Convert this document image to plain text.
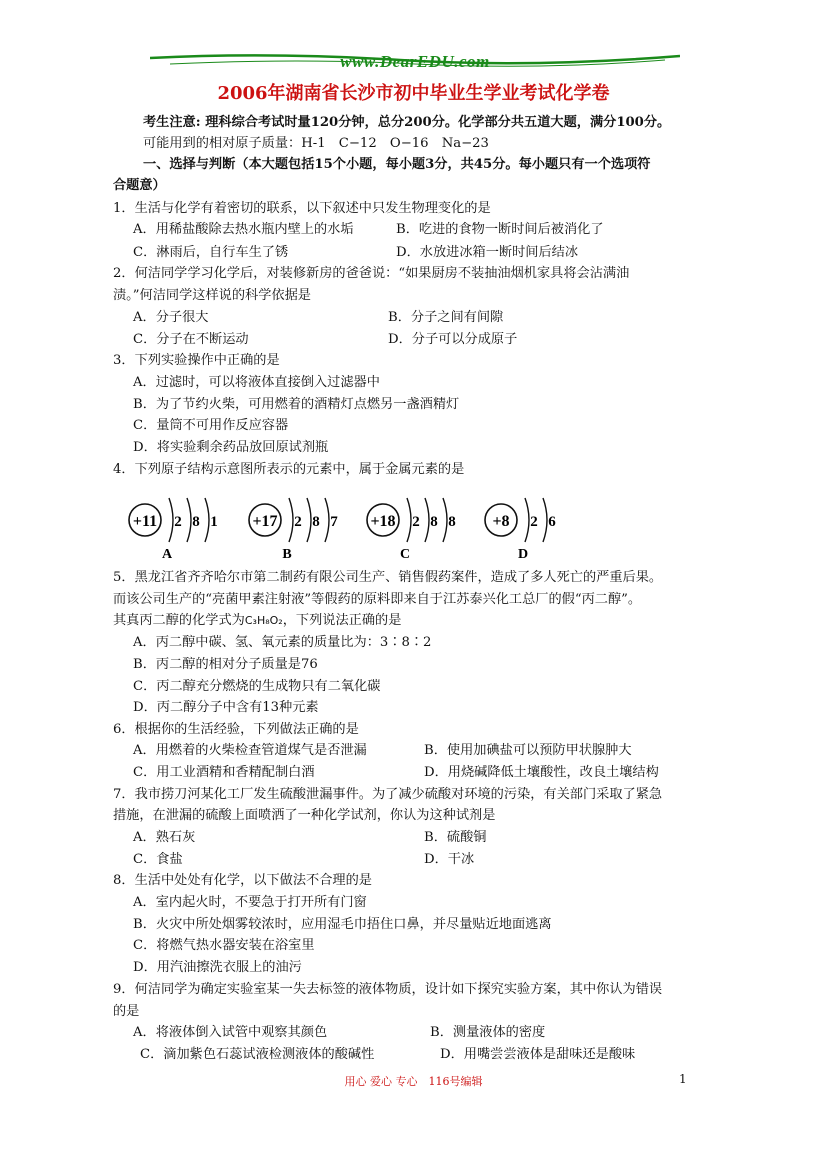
www.DearEDU.com
2006年湖南省长沙市初中毕业生学业考试化学卷
考生注意: 理科综合考试时量120分钟，总分200分。化学部分共五道大题，满分100分。
可能用到的相对原子质量：H-1　C−12　O−16　Na−23
一、选择与判断（本大题包括15个小题，每小题3分，共45分。每小题只有一个选项符
合题意）
1．生活与化学有着密切的联系，以下叙述中只发生物理变化的是
A．用稀盐酸除去热水瓶内壁上的水垢	B．吃进的食物一断时间后被消化了
C．淋雨后，自行车生了锈	D．水放进冰箱一断时间后结冰
2．何洁同学学习化学后，对装修新房的爸爸说：“如果厨房不装抽油烟机家具将会沾满油
渍。”何洁同学这样说的科学依据是
A．分子很大	B．分子之间有间隙
C．分子在不断运动	D．分子可以分成原子
3．下列实验操作中正确的是
A．过滤时，可以将液体直接倒入过滤器中
B．为了节约火柴，可用燃着的酒精灯点燃另一盏酒精灯
C．量筒不可用作反应容器
D．将实验剩余药品放回原试剂瓶
4．下列原子结构示意图所表示的元素中，属于金属元素的是
+11 2 8 1
A
+17 2 8 7
B
+18 2 8 8
C
+8 2 6
D
5．黑龙江省齐齐哈尔市第二制药有限公司生产、销售假药案件，造成了多人死亡的严重后果。
而该公司生产的“亮菌甲素注射液”等假药的原料即来自于江苏泰兴化工总厂的假“丙二醇”。
其真丙二醇的化学式为C₃H₈O₂，下列说法正确的是
A．丙二醇中碳、氢、氧元素的质量比为：3∶8∶2
B．丙二醇的相对分子质量是76
C．丙二醇充分燃烧的生成物只有二氧化碳
D．丙二醇分子中含有13种元素
6．根据你的生活经验，下列做法正确的是
A．用燃着的火柴检查管道煤气是否泄漏	B．使用加碘盐可以预防甲状腺肿大
C．用工业酒精和香精配制白酒	D．用烧碱降低土壤酸性，改良土壤结构
7．我市捞刀河某化工厂发生硫酸泄漏事件。为了减少硫酸对环境的污染，有关部门采取了紧急
措施，在泄漏的硫酸上面喷洒了一种化学试剂，你认为这种试剂是
A．熟石灰	B．硫酸铜
C．食盐	D．干冰
8．生活中处处有化学，以下做法不合理的是
A．室内起火时，不要急于打开所有门窗
B．火灾中所处烟雾较浓时，应用湿毛巾捂住口鼻，并尽量贴近地面逃离
C．将燃气热水器安装在浴室里
D．用汽油擦洗衣服上的油污
9．何洁同学为确定实验室某一失去标签的液体物质，设计如下探究实验方案，其中你认为错误
的是
A．将液体倒入试管中观察其颜色	B．测量液体的密度
C．滴加紫色石蕊试液检测液体的酸碱性	D．用嘴尝尝液体是甜味还是酸味
用心 爱心 专心　116号编辑	1
